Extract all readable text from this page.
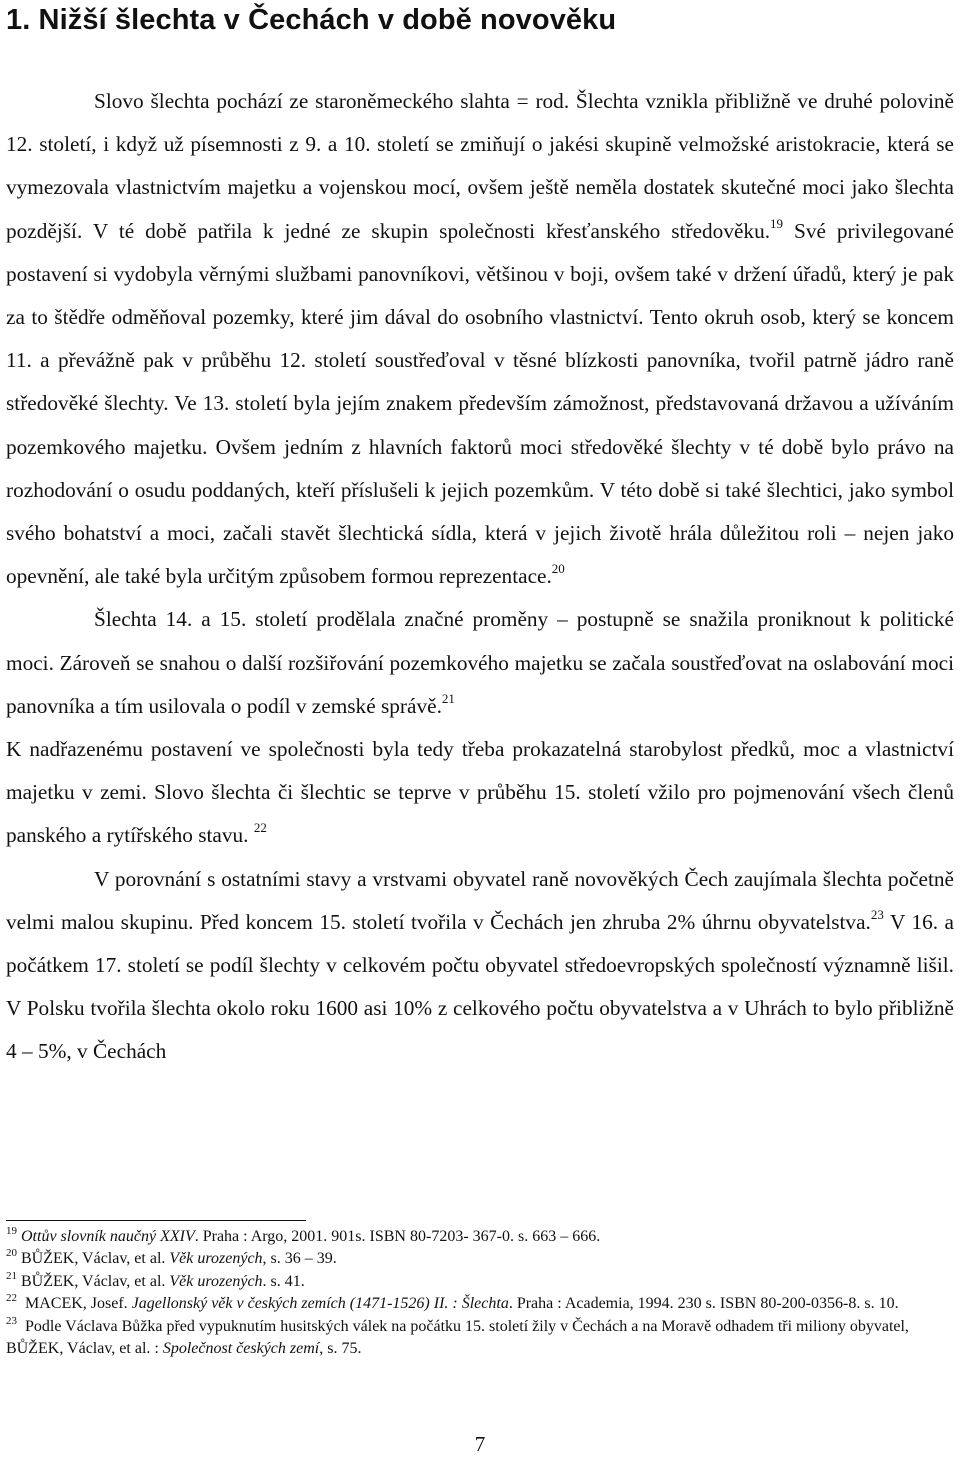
1. Nižší šlechta v Čechách v době novověku

Slovo šlechta pochází ze staroněmeckého slahta = rod. Šlechta vznikla přibližně ve druhé polovině 12. století, i když už písemnosti z 9. a 10. století se zmiňují o jakési skupině velmožské aristokracie, která se vymezovala vlastnictvím majetku a vojenskou mocí, ovšem ještě neměla dostatek skutečné moci jako šlechta pozdější. V té době patřila k jedné ze skupin společnosti křesťanského středověku.$^{19}$ Své privilegované postavení si vydobyla věrnými službami panovníkovi, většinou v boji, ovšem také v držení úřadů, který je pak za to štědře odměňoval pozemky, které jim dával do osobního vlastnictví. Tento okruh osob, který se koncem 11. a převážně pak v průběhu 12. století soustřeďoval v těsné blízkosti panovníka, tvořil patrně jádro raně středověké šlechty. Ve 13. století byla jejím znakem především zámožnost, představovaná državou a užíváním pozemkového majetku. Ovšem jedním z hlavních faktorů moci středověké šlechty v té době bylo právo na rozhodování o osudu poddaných, kteří příslušeli k jejich pozemkům. V této době si také šlechtici, jako symbol svého bohatství a moci, začali stavět šlechtická sídla, která v jejich životě hrála důležitou roli – nejen jako opevnění, ale také byla určitým způsobem formou reprezentace.$^{20}$

Šlechta 14. a 15. století prodělala značné proměny – postupně se snažila proniknout k politické moci. Zároveň se snahou o další rozšiřování pozemkového majetku se začala soustřeďovat na oslabování moci panovníka a tím usilovala o podíl v zemské správě.$^{21}$

K nadřazenému postavení ve společnosti byla tedy třeba prokazatelná starobylost předků, moc a vlastnictví majetku v zemi. Slovo šlechta či šlechtic se teprve v průběhu 15. století vžilo pro pojmenování všech členů panského a rytířského stavu. $^{22}$

V porovnání s ostatními stavy a vrstvami obyvatel raně novověkých Čech zaujímala šlechta početně velmi malou skupinu. Před koncem 15. století tvořila v Čechách jen zhruba 2% úhrnu obyvatelstva.$^{23}$ V 16. a počátkem 17. století se podíl šlechty v celkovém počtu obyvatel středoevropských společností významně lišil. V Polsku tvořila šlechta okolo roku 1600 asi 10% z celkového počtu obyvatelstva a v Uhrách to bylo přibližně 4 – 5%, v Čechách

$^{19}$ Ottův slovník naučný XXIV. Praha : Argo, 2001. 901s. ISBN 80-7203- 367-0. s. 663 – 666.

$^{20}$ BŮŽEK, Václav, et al. Věk urozených, s. 36 – 39.

$^{21}$ BŮŽEK, Václav, et al. Věk urozených. s. 41.

$^{22}$ MACEK, Josef. Jagellonský věk v českých zemích (1471-1526) II. : Šlechta. Praha : Academia, 1994. 230 s. ISBN 80-200-0356-8. s. 10.

$^{23}$ Podle Václava Bůžka před vypuknutím husitských válek na počátku 15. století žily v Čechách a na Moravě odhadem tři miliony obyvatel, BŮŽEK, Václav, et al. : Společnost českých zemí, s. 75.

7
